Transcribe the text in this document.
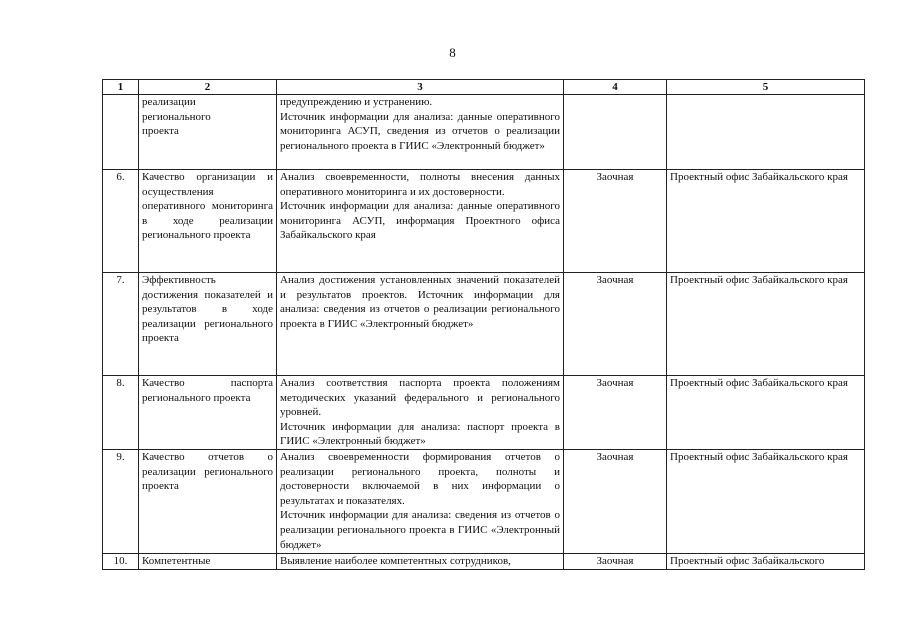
8
1	2	3	4	5

	реализации
регионального
проекта	предупреждению и устранению.
Источник информации для анализа: данные оперативного мониторинга АСУП, сведения из отчетов о реализации регионального проекта в ГИИС «Электронный бюджет»		

6.	Качество организации и осуществления оперативного мониторинга в ходе реализации регионального проекта	Анализ своевременности, полноты внесения данных оперативного мониторинга и их достоверности.
Источник информации для анализа: данные оперативного мониторинга АСУП, информация Проектного офиса Забайкальского края	Заочная	Проектный офис Забайкальского края
7.	Эффективность достижения показателей и результатов в ходе реализации регионального проекта	Анализ достижения установленных значений показателей и результатов проектов. Источник информации для анализа: сведения из отчетов о реализации регионального проекта в ГИИС «Электронный бюджет»	Заочная	Проектный офис Забайкальского края
8.	Качество паспорта регионального проекта	Анализ соответствия паспорта проекта положениям методических указаний федерального и регионального уровней.
Источник информации для анализа: паспорт проекта в ГИИС «Электронный бюджет»	Заочная	Проектный офис Забайкальского края
9.	Качество отчетов о реализации регионального проекта	Анализ своевременности формирования отчетов о реализации регионального проекта, полноты и достоверности включаемой в них информации о результатах и показателях.
Источник информации для анализа: сведения из отчетов о реализации регионального проекта в ГИИС «Электронный бюджет»	Заочная	Проектный офис Забайкальского края
10.	Компетентные	Выявление наиболее компетентных сотрудников,	Заочная	Проектный офис Забайкальского
